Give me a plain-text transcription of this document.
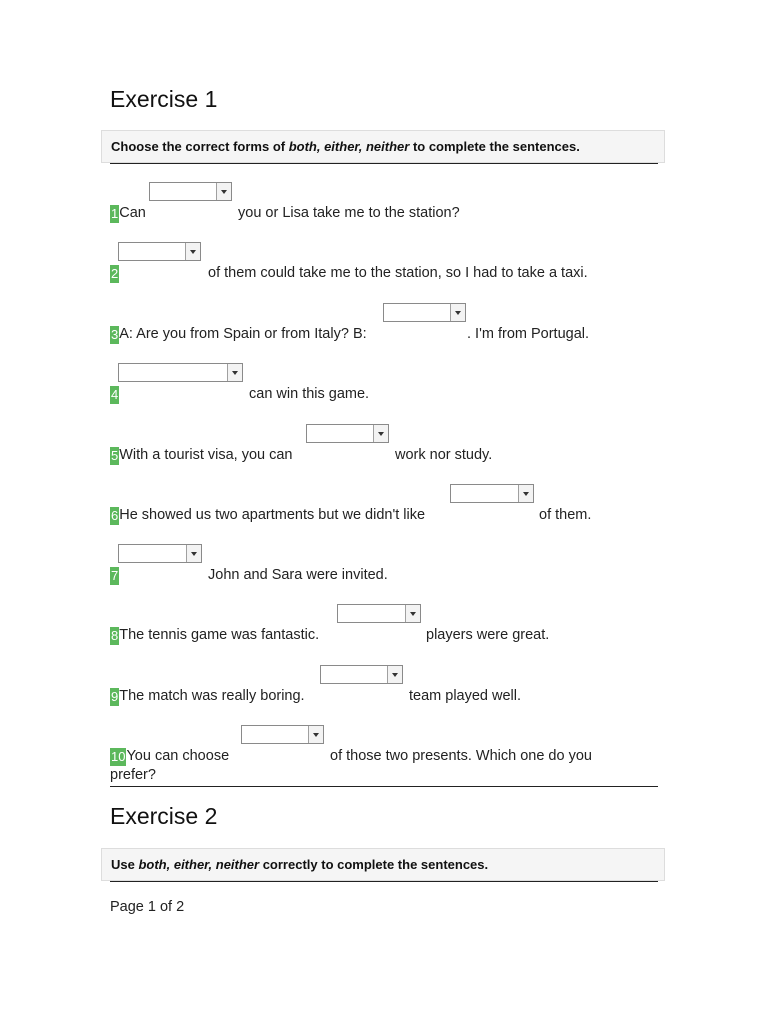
Exercise 1
Choose the correct forms of both, either, neither to complete the sentences.
1Can	you or Lisa take me to the station?
2	of them could take me to the station, so I had to take a taxi.
3A: Are you from Spain or from Italy? B:	. I'm from Portugal.
4	can win this game.
5With a tourist visa, you can	work nor study.
6He showed us two apartments but we didn't like	of them.
7	John and Sara were invited.
8The tennis game was fantastic.	players were great.
9The match was really boring.	team played well.
10You can choose	of those two presents. Which one do you
prefer?
Exercise 2
Use both, either, neither correctly to complete the sentences.
Page 1 of 2
